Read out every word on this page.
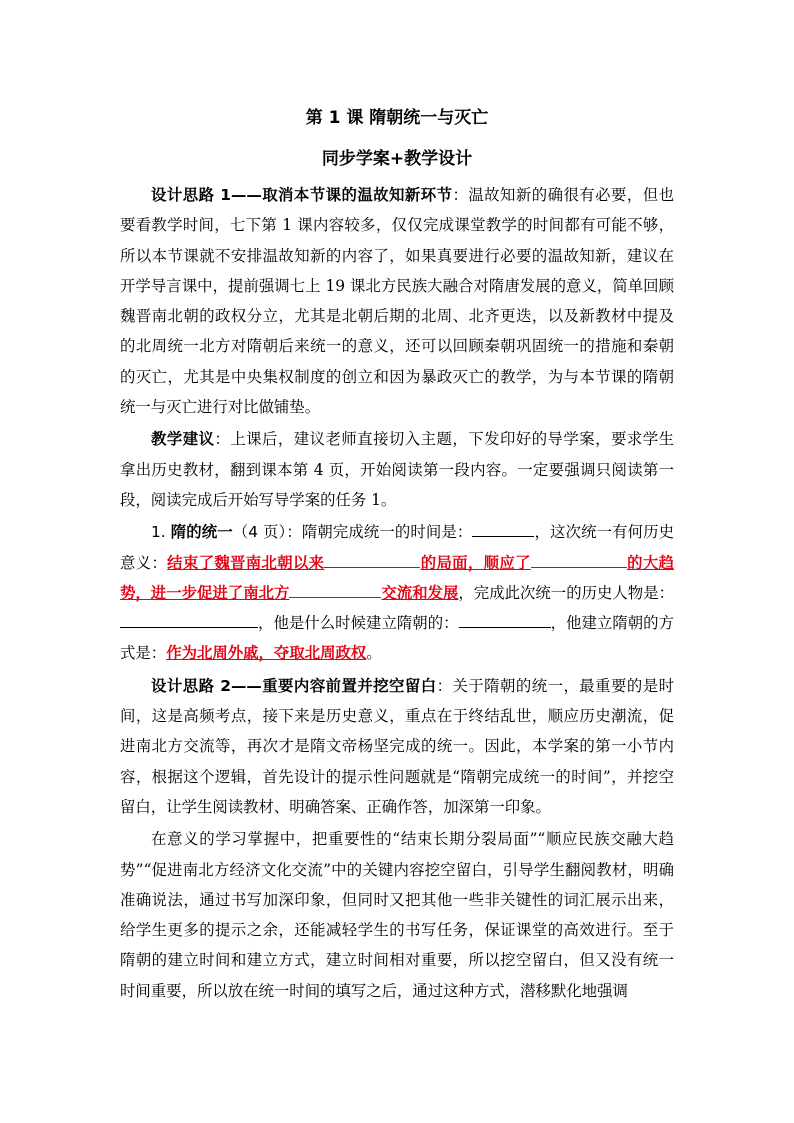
第 1 课 隋朝统一与灭亡
同步学案+教学设计

设计思路 1——取消本节课的温故知新环节：温故知新的确很有必要，但也要看教学时间，七下第 1 课内容较多，仅仅完成课堂教学的时间都有可能不够，所以本节课就不安排温故知新的内容了，如果真要进行必要的温故知新，建议在开学导言课中，提前强调七上 19 课北方民族大融合对隋唐发展的意义，简单回顾魏晋南北朝的政权分立，尤其是北朝后期的北周、北齐更迭，以及新教材中提及的北周统一北方对隋朝后来统一的意义，还可以回顾秦朝巩固统一的措施和秦朝的灭亡，尤其是中央集权制度的创立和因为暴政灭亡的教学，为与本节课的隋朝统一与灭亡进行对比做铺垫。

教学建议：上课后，建议老师直接切入主题，下发印好的导学案，要求学生拿出历史教材，翻到课本第 4 页，开始阅读第一段内容。一定要强调只阅读第一段，阅读完成后开始写导学案的任务 1。

1. 隋的统一（4 页）：隋朝完成统一的时间是：	，这次统一有何历史意义：结束了魏晋南北朝以来	的局面，顺应了	的大趋势，进一步促进了南北方	交流和发展，完成此次统一的历史人物是：，他是什么时候建立隋朝的：	，他建立隋朝的方式是：作为北周外戚，夺取北周政权。

设计思路 2——重要内容前置并挖空留白：关于隋朝的统一，最重要的是时间，这是高频考点，接下来是历史意义，重点在于终结乱世，顺应历史潮流，促进南北方交流等，再次才是隋文帝杨坚完成的统一。因此，本学案的第一小节内容，根据这个逻辑，首先设计的提示性问题就是“隋朝完成统一的时间”，并挖空留白，让学生阅读教材、明确答案、正确作答，加深第一印象。

在意义的学习掌握中，把重要性的“结束长期分裂局面”“顺应民族交融大趋势”“促进南北方经济文化交流”中的关键内容挖空留白，引导学生翻阅教材，明确准确说法，通过书写加深印象，但同时又把其他一些非关键性的词汇展示出来，给学生更多的提示之余，还能减轻学生的书写任务，保证课堂的高效进行。至于隋朝的建立时间和建立方式，建立时间相对重要，所以挖空留白，但又没有统一时间重要，所以放在统一时间的填写之后，通过这种方式，潜移默化地强调
